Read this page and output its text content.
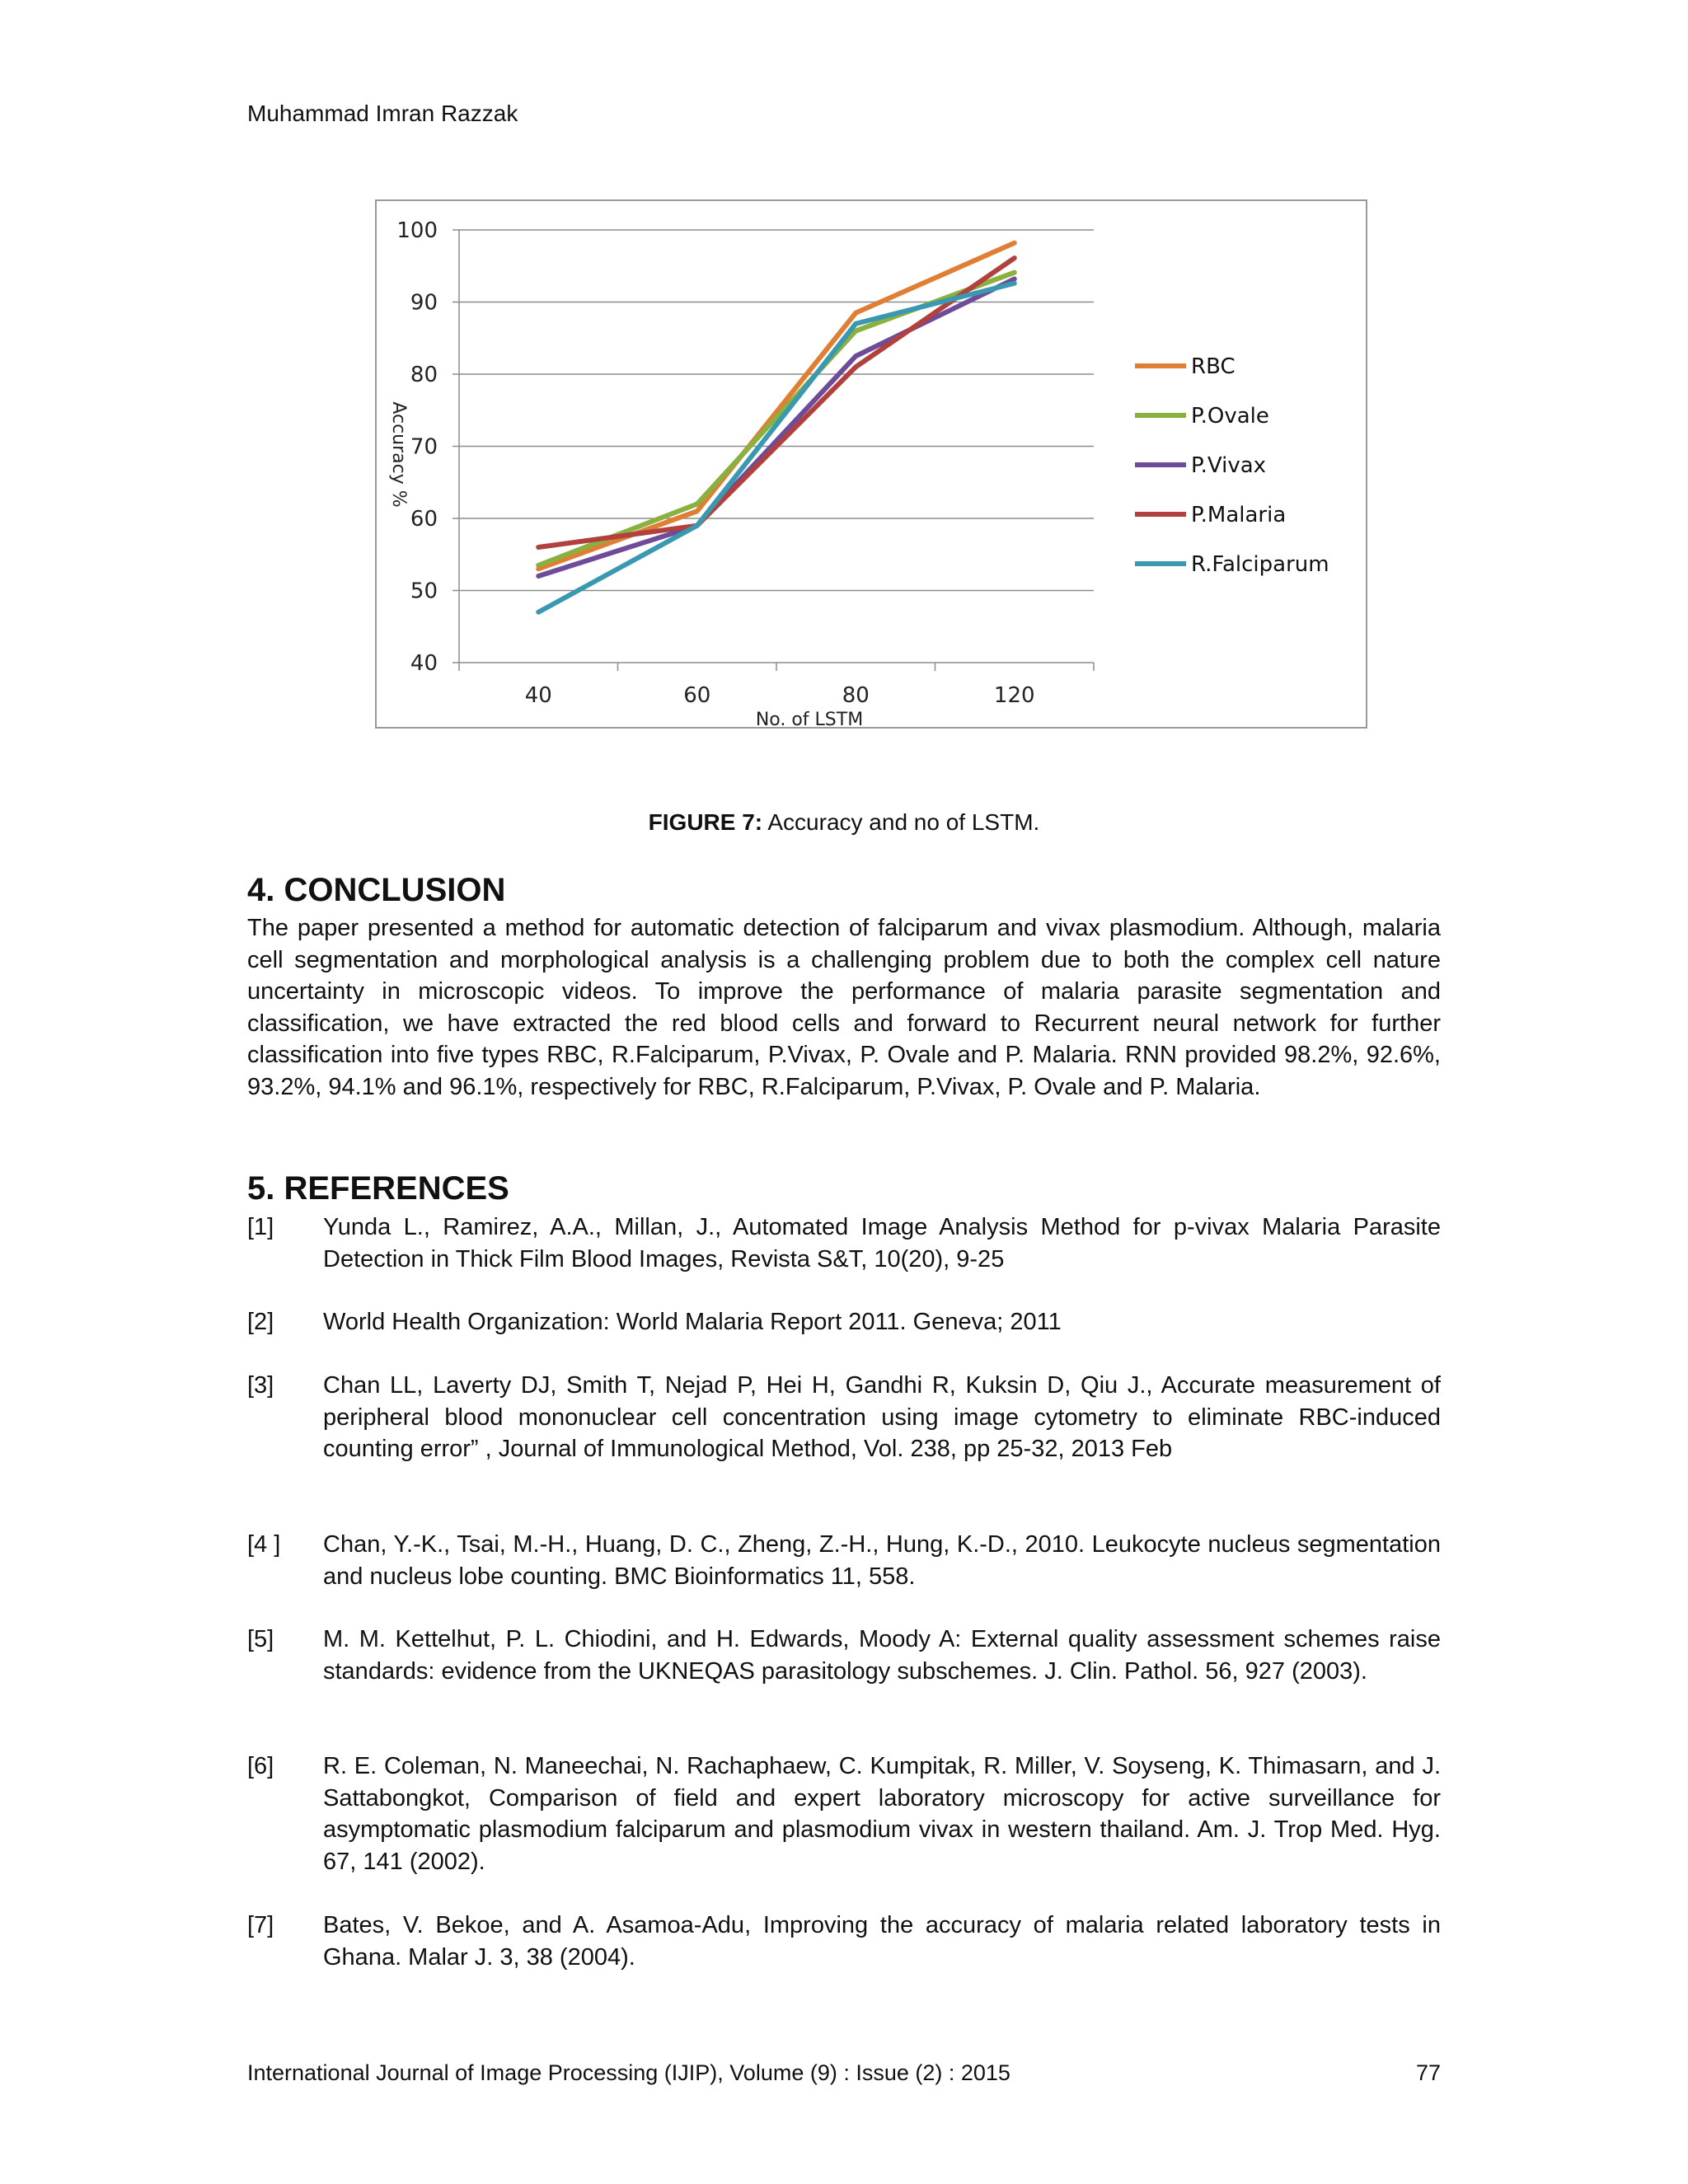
Muhammad Imran Razzak
40
50
60
70
80
90
100
40	60	80	120
No. of LSTM
Accuracy %
RBC
P.Ovale
P.Vivax
P.Malaria
R.Falciparum
FIGURE 7: Accuracy and no of LSTM.
4. CONCLUSION
The paper presented a method for automatic detection of falciparum and vivax plasmodium. Although, malaria cell segmentation and morphological analysis is a challenging problem due to both the complex cell nature uncertainty in microscopic videos. To improve the performance of malaria parasite segmentation and classification, we have extracted the red blood cells and forward to Recurrent neural network for further classification into five types RBC, R.Falciparum, P.Vivax, P. Ovale and P. Malaria. RNN provided 98.2%, 92.6%, 93.2%, 94.1% and 96.1%, respectively for RBC, R.Falciparum, P.Vivax, P. Ovale and P. Malaria.
5. REFERENCES
[1] Yunda L., Ramirez, A.A., Millan, J., Automated Image Analysis Method for p-vivax Malaria Parasite Detection in Thick Film Blood Images, Revista S&T, 10(20), 9-25
[2] World Health Organization: World Malaria Report 2011. Geneva; 2011
[3] Chan LL, Laverty DJ, Smith T, Nejad P, Hei H, Gandhi R, Kuksin D, Qiu J., Accurate measurement of peripheral blood mononuclear cell concentration using image cytometry to eliminate RBC-induced counting error” , Journal of Immunological Method, Vol. 238, pp 25-32, 2013 Feb
[4 ] Chan, Y.-K., Tsai, M.-H., Huang, D. C., Zheng, Z.-H., Hung, K.-D., 2010. Leukocyte nucleus segmentation and nucleus lobe counting. BMC Bioinformatics 11, 558.
[5] M. M. Kettelhut, P. L. Chiodini, and H. Edwards, Moody A: External quality assessment schemes raise standards: evidence from the UKNEQAS parasitology subschemes. J. Clin. Pathol. 56, 927 (2003).
[6] R. E. Coleman, N. Maneechai, N. Rachaphaew, C. Kumpitak, R. Miller, V. Soyseng, K. Thimasarn, and J. Sattabongkot, Comparison of field and expert laboratory microscopy for active surveillance for asymptomatic plasmodium falciparum and plasmodium vivax in western thailand. Am. J. Trop Med. Hyg. 67, 141 (2002).
[7] Bates, V. Bekoe, and A. Asamoa-Adu, Improving the accuracy of malaria related laboratory tests in Ghana. Malar J. 3, 38 (2004).
International Journal of Image Processing (IJIP), Volume (9) : Issue (2) : 2015	77
